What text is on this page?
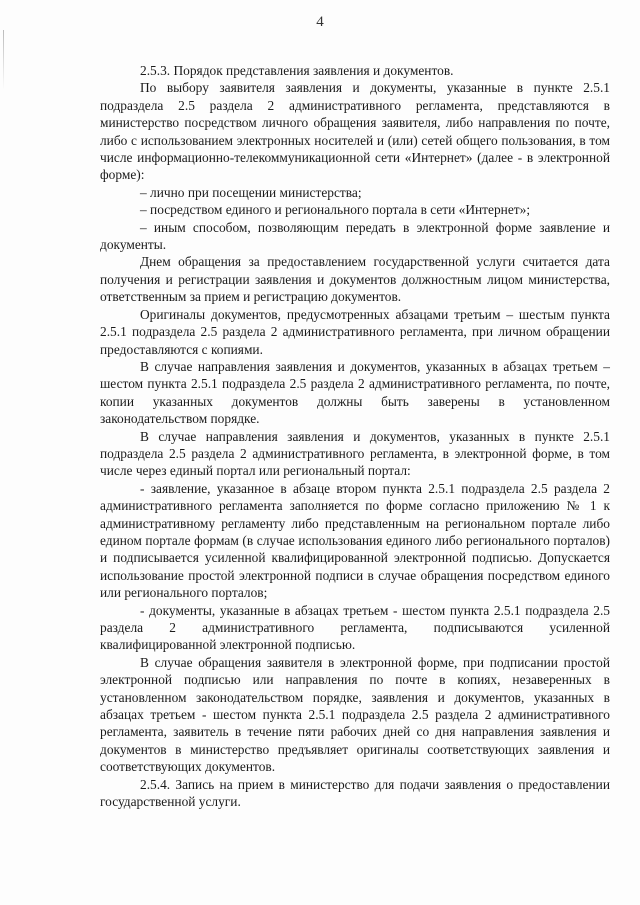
4

2.5.3. Порядок представления заявления и документов.

По выбору заявителя заявления и документы, указанные в пункте 2.5.1 подраздела 2.5 раздела 2 административного регламента, представляются в министерство посредством личного обращения заявителя, либо направления по почте, либо с использованием электронных носителей и (или) сетей общего пользования, в том числе информационно-телекоммуникационной сети «Интернет» (далее - в электронной форме):

– лично при посещении министерства;

– посредством единого и регионального портала в сети «Интернет»;

– иным способом, позволяющим передать в электронной форме заявление и документы.

Днем обращения за предоставлением государственной услуги считается дата получения и регистрации заявления и документов должностным лицом министерства, ответственным за прием и регистрацию документов.

Оригиналы документов, предусмотренных абзацами третьим – шестым пункта 2.5.1 подраздела 2.5 раздела 2 административного регламента, при личном обращении предоставляются с копиями.

В случае направления заявления и документов, указанных в абзацах третьем – шестом пункта 2.5.1 подраздела 2.5 раздела 2 административного регламента, по почте, копии указанных документов должны быть заверены в установленном законодательством порядке.

В случае направления заявления и документов, указанных в пункте 2.5.1 подраздела 2.5 раздела 2 административного регламента, в электронной форме, в том числе через единый портал или региональный портал:

- заявление, указанное в абзаце втором пункта 2.5.1 подраздела 2.5 раздела 2 административного регламента заполняется по форме согласно приложению № 1 к административному регламенту либо представленным на региональном портале либо едином портале формам (в случае использования единого либо регионального порталов) и подписывается усиленной квалифицированной электронной подписью. Допускается использование простой электронной подписи в случае обращения посредством единого или регионального порталов;

- документы, указанные в абзацах третьем - шестом пункта 2.5.1 подраздела 2.5 раздела 2 административного регламента, подписываются усиленной квалифицированной электронной подписью.

В случае обращения заявителя в электронной форме, при подписании простой электронной подписью или направления по почте в копиях, незаверенных в установленном законодательством порядке, заявления и документов, указанных в абзацах третьем - шестом пункта 2.5.1 подраздела 2.5 раздела 2 административного регламента, заявитель в течение пяти рабочих дней со дня направления заявления и документов в министерство предъявляет оригиналы соответствующих заявления и соответствующих документов.

2.5.4. Запись на прием в министерство для подачи заявления о предоставлении государственной услуги.
